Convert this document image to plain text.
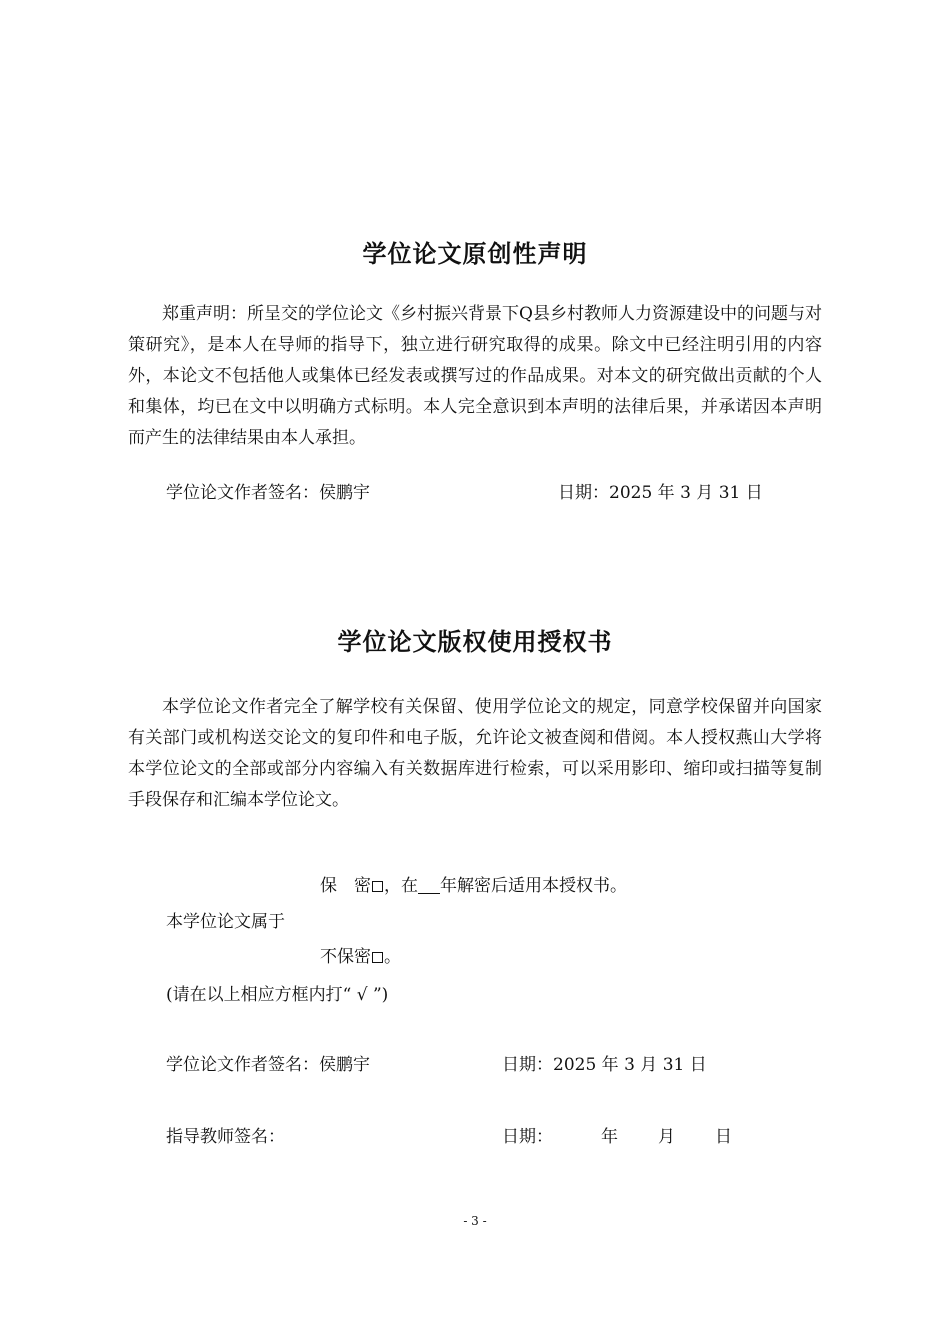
学位论文原创性声明

郑重声明：所呈交的学位论文《乡村振兴背景下Q县乡村教师人力资源建设中的问题与对策研究》，是本人在导师的指导下，独立进行研究取得的成果。除文中已经注明引用的内容外，本论文不包括他人或集体已经发表或撰写过的作品成果。对本文的研究做出贡献的个人和集体，均已在文中以明确方式标明。本人完全意识到本声明的法律后果，并承诺因本声明而产生的法律结果由本人承担。

学位论文作者签名：侯鹏宇	日期：2025 年 3 月 31 日
学位论文版权使用授权书

本学位论文作者完全了解学校有关保留、使用学位论文的规定，同意学校保留并向国家有关部门或机构送交论文的复印件和电子版，允许论文被查阅和借阅。本人授权燕山大学将本学位论文的全部或部分内容编入有关数据库进行检索，可以采用影印、缩印或扫描等复制手段保存和汇编本学位论文。

保　密 ，在 年解密后适用本授权书。
本学位论文属于
不保密 。
(请在以上相应方框内打“ √ ”)
学位论文作者签名：侯鹏宇	日期：2025 年 3 月 31 日
指导教师签名：	日期：	年 月 日
- 3 -
